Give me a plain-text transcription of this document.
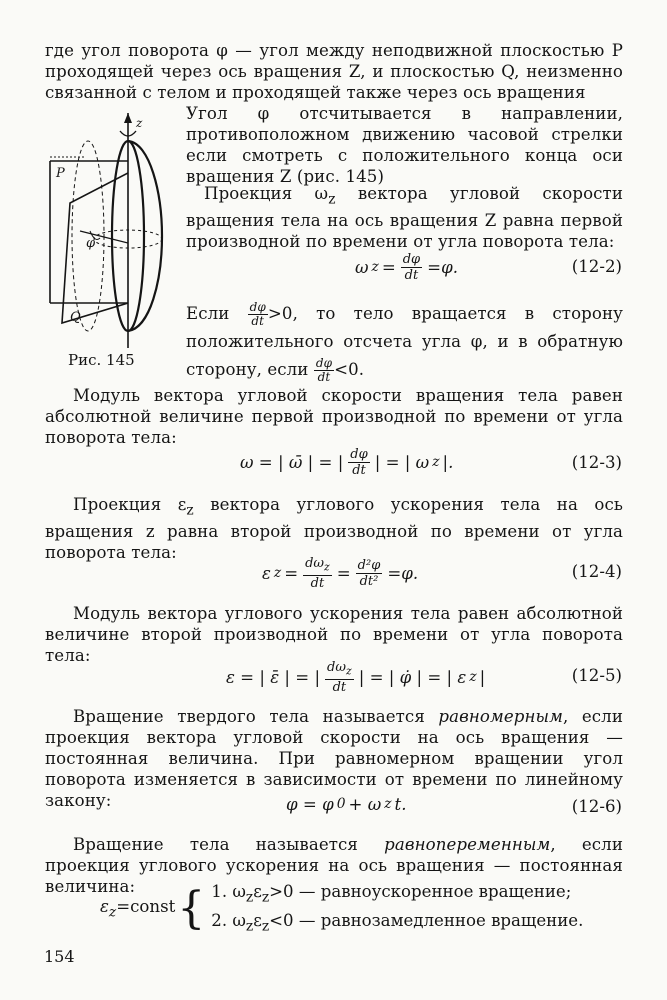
где угол поворота φ — угол между неподвижной плоскостью P проходящей через ось вращения Z, и плоскостью Q, неизменно связанной с телом и проходящей также через ось вращения

z
P
Q
φ
Рис. 145

Угол φ отсчитывается в направлении, противоположном движению часовой стрелки если смотреть с положительного конца оси вращения Z (рис. 145)

Проекция $\omega_z$ вектора угловой скорости вращения тела на ось вращения Z равна первой производной по времени от угла поворота тела:

ω $z = \frac{d\varphi}{dt} =\varphi$.	(12-2)

Если $\frac{d\varphi}{dt} >0$, то тело вращается в сторону положительного отсчета угла φ, и в обратную сторону, если $\frac{d\varphi}{dt} <0$.

Модуль вектора угловой скорости вращения тела равен абсолютной величине первой производной по времени от угла поворота тела:

ω = | ω̄ | = | $\frac{d\varphi}{dt}$ | = | ω z |.	(12-3)

Проекция $\varepsilon_z$ вектора углового ускорения тела на ось вращения z равна второй производной по времени от угла поворота тела:

ε $z = \frac{d\omega_z}{dt} = \frac{\text{d²φ}}{\text{dt²}} =\varphi$.	(12-4)

Модуль вектора углового ускорения тела равен абсолютной величине второй производной по времени от угла поворота тела:

ε = | ε̄ | = | $\frac{d\omega_z}{dt}$ | = | φ̇ | = | ε z |	(12-5)

Вращение твердого тела называется равномерным, если проекция вектора угловой скорости на ось вращения — постоянная величина. При равномерном вращении угол поворота изменяется в зависимости от времени по линейному закону:	φ = φ 0 + ω z t.	(12-6)

Вращение тела называется равнопеременным, если проекция углового ускорения на ось вращения — постоянная величина:

$\varepsilon_z=const$ { 1. $\omega_z\varepsilon_z>0$ — равноускоренное вращение;
2. $\omega_z\varepsilon_z<0$ — равнозамедленное вращение.
154
